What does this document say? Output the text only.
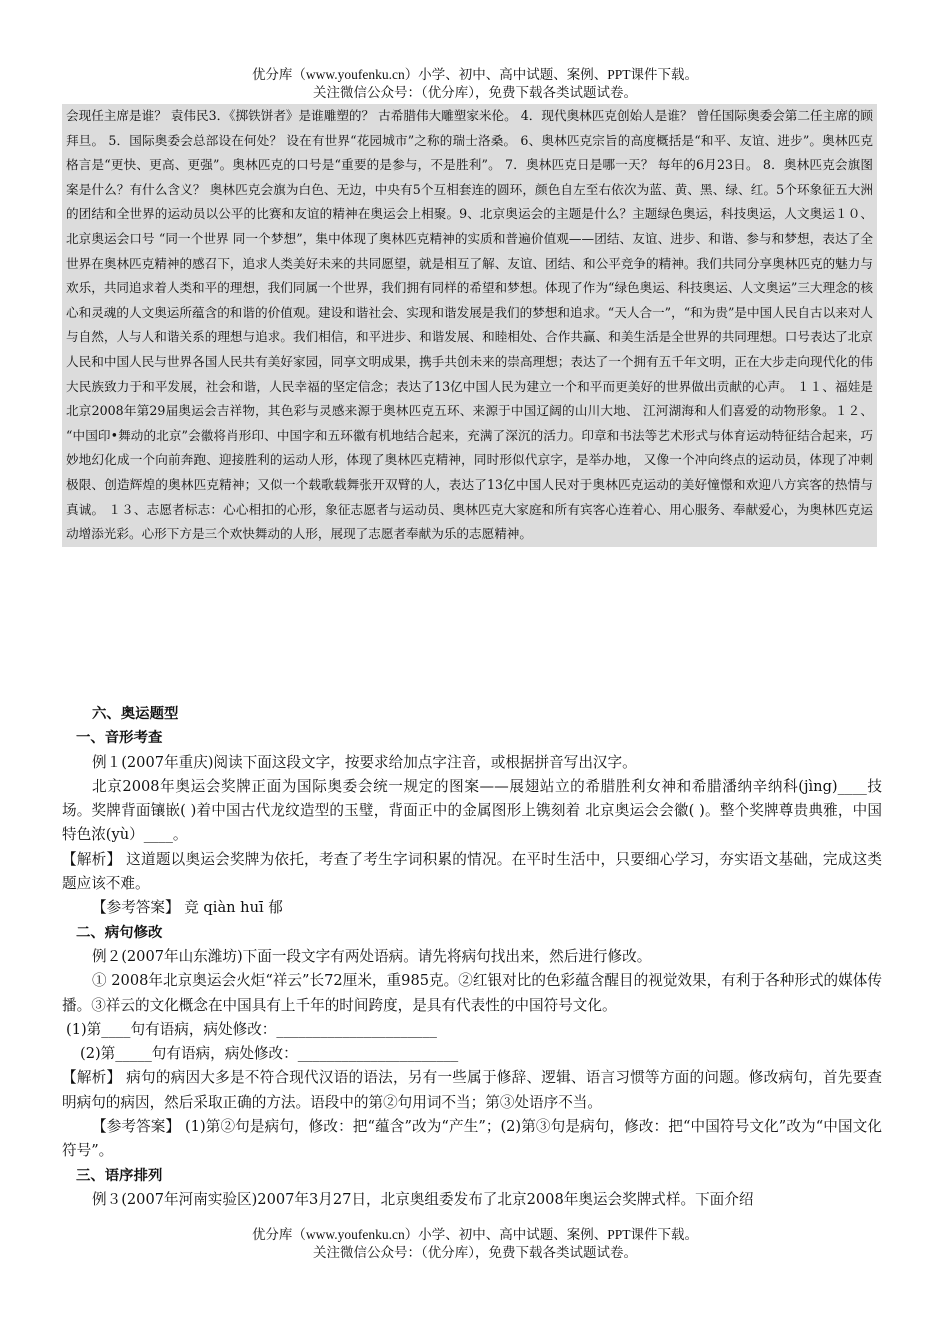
优分库（www.youfenku.cn）小学、初中、高中试题、案例、PPT课件下载。
关注微信公众号：（优分库），免费下载各类试题试卷。
会现任主席是谁？ 袁伟民3．《掷铁饼者》是谁雕塑的？ 古希腊伟大雕塑家米伦。 4．现代奥林匹克创始人是谁？ 曾任国际奥委会第二任主席的顾拜旦。 5．国际奥委会总部设在何处？ 设在有世界“花园城市”之称的瑞士洛桑。 6、奥林匹克宗旨的高度概括是“和平、友谊、进步”。奥林匹克格言是“更快、更高、更强”。奥林匹克的口号是“重要的是参与，不是胜利”。 7．奥林匹克日是哪一天？ 每年的6月23日。 8．奥林匹克会旗图案是什么？有什么含义？ 奥林匹克会旗为白色、无边，中央有5个互相套连的圆环，颜色自左至右依次为蓝、黄、黑、绿、红。5个环象征五大洲的团结和全世界的运动员以公平的比赛和友谊的精神在奥运会上相聚。9、北京奥运会的主题是什么？主题绿色奥运，科技奥运，人文奥运１０、北京奥运会口号 “同一个世界 同一个梦想”，集中体现了奥林匹克精神的实质和普遍价值观——团结、友谊、进步、和谐、参与和梦想，表达了全世界在奥林匹克精神的感召下，追求人类美好未来的共同愿望，就是相互了解、友谊、团结、和公平竞争的精神。我们共同分享奥林匹克的魅力与欢乐，共同追求着人类和平的理想，我们同属一个世界，我们拥有同样的希望和梦想。体现了作为“绿色奥运、科技奥运、人文奥运”三大理念的核心和灵魂的人文奥运所蕴含的和谐的价值观。建设和谐社会、实现和谐发展是我们的梦想和追求。“天人合一”，“和为贵”是中国人民自古以来对人与自然，人与人和谐关系的理想与追求。我们相信，和平进步、和谐发展、和睦相处、合作共赢、和美生活是全世界的共同理想。口号表达了北京人民和中国人民与世界各国人民共有美好家园，同享文明成果，携手共创未来的崇高理想；表达了一个拥有五千年文明，正在大步走向现代化的伟大民族致力于和平发展，社会和谐，人民幸福的坚定信念；表达了13亿中国人民为建立一个和平而更美好的世界做出贡献的心声。 １１、福娃是北京2008年第29届奥运会吉祥物，其色彩与灵感来源于奥林匹克五环、来源于中国辽阔的山川大地、 江河湖海和人们喜爱的动物形象。１２、 “中国印•舞动的北京”会徽将肖形印、中国字和五环徽有机地结合起来，充满了深沉的活力。印章和书法等艺术形式与体育运动特征结合起来，巧妙地幻化成一个向前奔跑、迎接胜利的运动人形，体现了奥林匹克精神，同时形似代京字，是举办地， 又像一个冲向终点的运动员，体现了冲刺极限、创造辉煌的奥林匹克精神；又似一个载歌载舞张开双臂的人，表达了13亿中国人民对于奥林匹克运动的美好憧憬和欢迎八方宾客的热情与真诚。 １３、志愿者标志：心心相扣的心形，象征志愿者与运动员、奥林匹克大家庭和所有宾客心连着心、用心服务、奉献爱心，为奥林匹克运动增添光彩。心形下方是三个欢快舞动的人形，展现了志愿者奉献为乐的志愿精神。

六、奥运题型

一、音形考查

例１(2007年重庆)阅读下面这段文字，按要求给加点字注音，或根据拼音写出汉字。

北京2008年奥运会奖牌正面为国际奥委会统一规定的图案——展翅站立的希腊胜利女神和希腊潘纳辛纳科(jìng)____技场。奖牌背面镶嵌( )着中国古代龙纹造型的玉璧，背面正中的金属图形上镌刻着 北京奥运会会徽( )。整个奖牌尊贵典雅，中国特色浓(yù）____。

【解析】 这道题以奥运会奖牌为依托，考查了考生字词积累的情况。在平时生活中，只要细心学习，夯实语文基础，完成这类题应该不难。

【参考答案】 竞 qiàn huī 郁

二、病句修改

例２(2007年山东潍坊)下面一段文字有两处语病。请先将病句找出来，然后进行修改。

① 2008年北京奥运会火炬“祥云”长72厘米，重985克。②红银对比的色彩蕴含醒目的视觉效果，有利于各种形式的媒体传播。③祥云的文化概念在中国具有上千年的时间跨度，是具有代表性的中国符号文化。

(1)第____句有语病，病处修改：______________________

(2)第_____句有语病，病处修改：______________________

【解析】 病句的病因大多是不符合现代汉语的语法，另有一些属于修辞、逻辑、语言习惯等方面的问题。修改病句，首先要查明病句的病因，然后采取正确的方法。语段中的第②句用词不当；第③处语序不当。

【参考答案】 (1)第②句是病句，修改：把“蕴含”改为“产生”；(2)第③句是病句，修改：把“中国符号文化”改为“中国文化符号”。

三、语序排列

例３(2007年河南实验区)2007年3月27日，北京奥组委发布了北京2008年奥运会奖牌式样。下面介绍

优分库（www.youfenku.cn）小学、初中、高中试题、案例、PPT课件下载。
关注微信公众号：（优分库），免费下载各类试题试卷。
